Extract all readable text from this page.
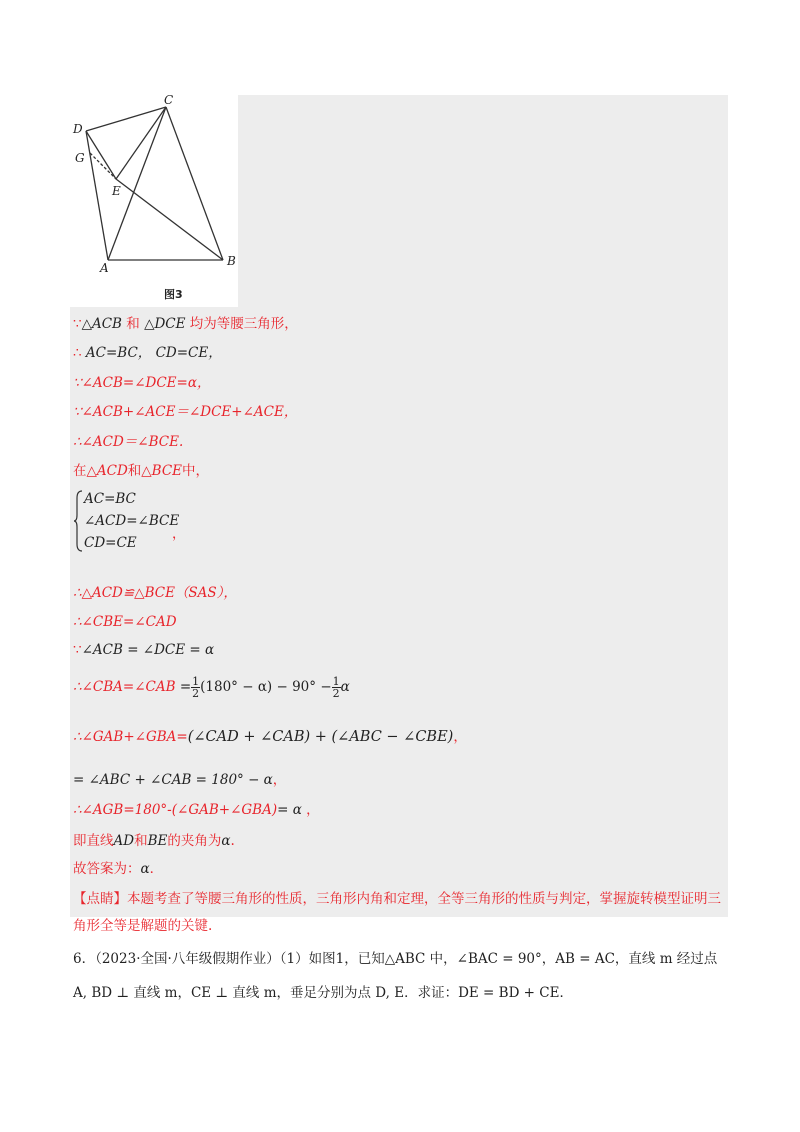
C
D
G
E
A	B
图3
∵△ACB 和 △DCE 均为等腰三角形，
∴ AC=BC， CD=CE，
∵∠ACB=∠DCE=α，
∵∠ACB+∠ACE＝∠DCE+∠ACE，
∴∠ACD＝∠BCE.
在△ACD和△BCE中，
AC=BC
∠ACD=∠BCE
CD=CE
，
∴△ACD≌△BCE（SAS），
∴∠CBE=∠CAD
∵∠ACB = ∠DCE = α
∴∠CBA=∠CAB = $\frac{1}{2} (180^\circ - \alpha) - 90^\circ - \frac{1}{2}$ α
∴∠GAB+∠GBA=(∠CAD + ∠CAB) + (∠ABC − ∠CBE)，
= ∠ABC + ∠CAB = 180° − α，
∴∠AGB=180°-(∠GAB+∠GBA)= α ，
即直线AD和BE的夹角为α.
故答案为：α．
【点睛】本题考查了等腰三角形的性质，三角形内角和定理，全等三角形的性质与判定，掌握旋转模型证明三角形全等是解题的关键.
6．（2023·全国·八年级假期作业）（1）如图1，已知△ABC 中，∠BAC = 90°，AB = AC，直线 m 经过点
A, BD ⊥ 直线 m，CE ⊥ 直线 m，垂足分别为点 D, E．求证：DE = BD + CE．
